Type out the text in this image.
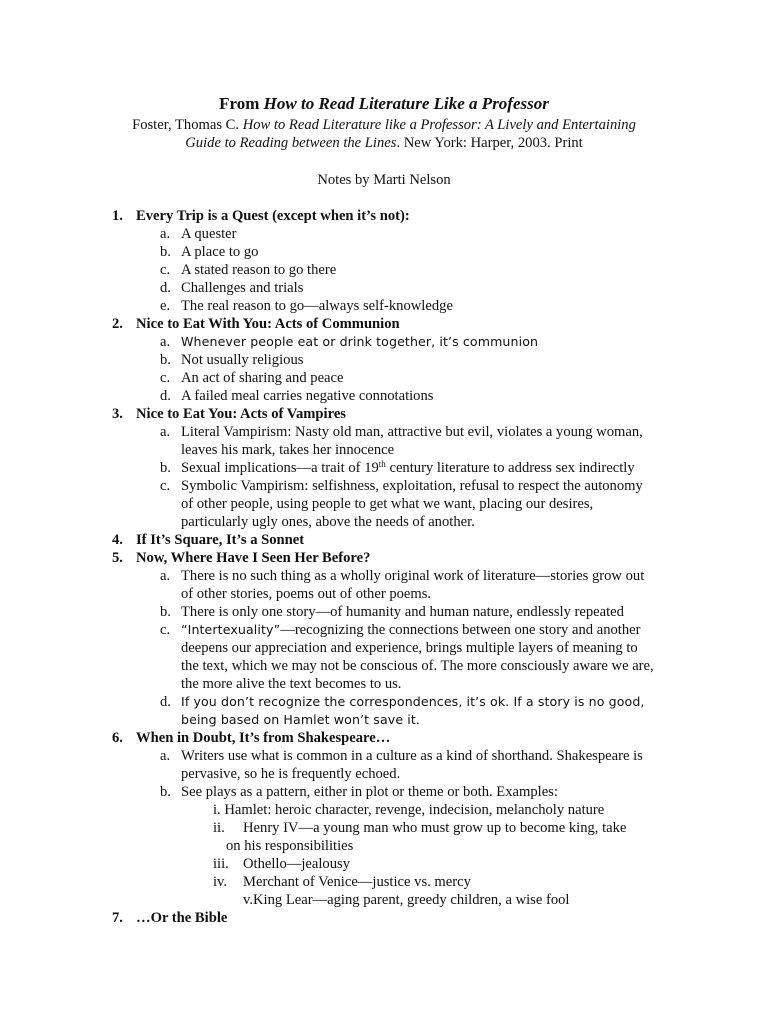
From How to Read Literature Like a Professor
Foster, Thomas C. How to Read Literature like a Professor: A Lively and Entertaining
Guide to Reading between the Lines. New York: Harper, 2003. Print
Notes by Marti Nelson
1. Every Trip is a Quest (except when it’s not):
a. A quester
b. A place to go
c. A stated reason to go there
d. Challenges and trials
e. The real reason to go—always self-knowledge
2. Nice to Eat With You: Acts of Communion
a. Whenever people eat or drink together, it’s communion
b. Not usually religious
c. An act of sharing and peace
d. A failed meal carries negative connotations
3. Nice to Eat You: Acts of Vampires
a. Literal Vampirism: Nasty old man, attractive but evil, violates a young woman, leaves his mark, takes her innocence
b. Sexual implications—a trait of 19th century literature to address sex indirectly
c. Symbolic Vampirism: selfishness, exploitation, refusal to respect the autonomy of other people, using people to get what we want, placing our desires, particularly ugly ones, above the needs of another.
4. If It’s Square, It’s a Sonnet
5. Now, Where Have I Seen Her Before?
a. There is no such thing as a wholly original work of literature—stories grow out of other stories, poems out of other poems.
b. There is only one story—of humanity and human nature, endlessly repeated
c. “Intertexuality”—recognizing the connections between one story and another deepens our appreciation and experience, brings multiple layers of meaning to the text, which we may not be conscious of. The more consciously aware we are, the more alive the text becomes to us.
d. If you don’t recognize the correspondences, it’s ok. If a story is no good,
being based on Hamlet won’t save it.
6. When in Doubt, It’s from Shakespeare…
a. Writers use what is common in a culture as a kind of shorthand. Shakespeare is pervasive, so he is frequently echoed.
b. See plays as a pattern, either in plot or theme or both. Examples:
i. Hamlet: heroic character, revenge, indecision, melancholy nature
ii. Henry IV—a young man who must grow up to become king, take
on his responsibilities
iii. Othello—jealousy
iv. Merchant of Venice—justice vs. mercy
v.King Lear—aging parent, greedy children, a wise fool
7. …Or the Bible
